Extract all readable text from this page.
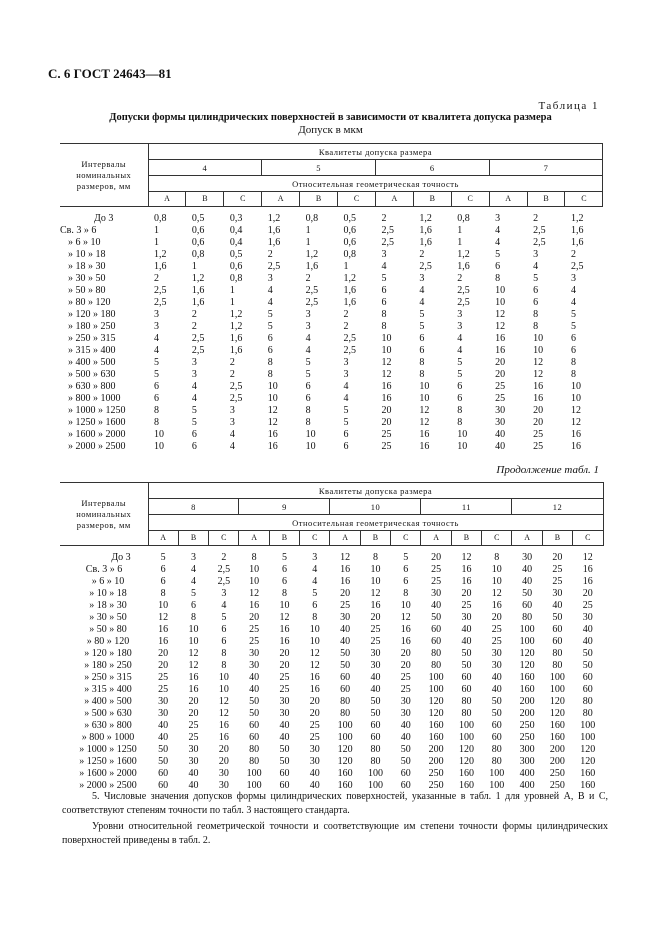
С. 6 ГОСТ 24643—81
Таблица 1
Допуски формы цилиндрических поверхностей в зависимости от квалитета допуска размера
Допуск в мкм
Интервалы
номинальных
размеров, мм	Квалитеты допуска размера											
	4			5			6			7		
	Относительная геометрическая точность											
	А	В	С	А	В	С	А	В	С	А	В	С

До 3	0,8	0,5	0,3	1,2	0,8	0,5	2	1,2	0,8	3	2	1,2
Св. 3 » 6	1	0,6	0,4	1,6	1	0,6	2,5	1,6	1	4	2,5	1,6
» 6 » 10	1	0,6	0,4	1,6	1	0,6	2,5	1,6	1	4	2,5	1,6
» 10 » 18	1,2	0,8	0,5	2	1,2	0,8	3	2	1,2	5	3	2
» 18 » 30	1,6	1	0,6	2,5	1,6	1	4	2,5	1,6	6	4	2,5
» 30 » 50	2	1,2	0,8	3	2	1,2	5	3	2	8	5	3
» 50 » 80	2,5	1,6	1	4	2,5	1,6	6	4	2,5	10	6	4
» 80 » 120	2,5	1,6	1	4	2,5	1,6	6	4	2,5	10	6	4
» 120 » 180	3	2	1,2	5	3	2	8	5	3	12	8	5
» 180 » 250	3	2	1,2	5	3	2	8	5	3	12	8	5
» 250 » 315	4	2,5	1,6	6	4	2,5	10	6	4	16	10	6
» 315 » 400	4	2,5	1,6	6	4	2,5	10	6	4	16	10	6
» 400 » 500	5	3	2	8	5	3	12	8	5	20	12	8
» 500 » 630	5	3	2	8	5	3	12	8	5	20	12	8
» 630 » 800	6	4	2,5	10	6	4	16	10	6	25	16	10
» 800 » 1000	6	4	2,5	10	6	4	16	10	6	25	16	10
» 1000 » 1250	8	5	3	12	8	5	20	12	8	30	20	12
» 1250 » 1600	8	5	3	12	8	5	20	12	8	30	20	12
» 1600 » 2000	10	6	4	16	10	6	25	16	10	40	25	16
» 2000 » 2500	10	6	4	16	10	6	25	16	10	40	25	16
Продолжение табл. 1
Интервалы
номинальных
размеров, мм	Квалитеты допуска размера														
	8			9			10			11			12		
	Относительная геометрическая точность														
	А	В	С	А	В	С	А	В	С	А	В	С	А	В	С

До 3	5	3	2	8	5	3	12	8	5	20	12	8	30	20	12
Св. 3 » 6	6	4	2,5	10	6	4	16	10	6	25	16	10	40	25	16
» 6 » 10	6	4	2,5	10	6	4	16	10	6	25	16	10	40	25	16
» 10 » 18	8	5	3	12	8	5	20	12	8	30	20	12	50	30	20
» 18 » 30	10	6	4	16	10	6	25	16	10	40	25	16	60	40	25
» 30 » 50	12	8	5	20	12	8	30	20	12	50	30	20	80	50	30
» 50 » 80	16	10	6	25	16	10	40	25	16	60	40	25	100	60	40
» 80 » 120	16	10	6	25	16	10	40	25	16	60	40	25	100	60	40
» 120 » 180	20	12	8	30	20	12	50	30	20	80	50	30	120	80	50
» 180 » 250	20	12	8	30	20	12	50	30	20	80	50	30	120	80	50
» 250 » 315	25	16	10	40	25	16	60	40	25	100	60	40	160	100	60
» 315 » 400	25	16	10	40	25	16	60	40	25	100	60	40	160	100	60
» 400 » 500	30	20	12	50	30	20	80	50	30	120	80	50	200	120	80
» 500 » 630	30	20	12	50	30	20	80	50	30	120	80	50	200	120	80
» 630 » 800	40	25	16	60	40	25	100	60	40	160	100	60	250	160	100
» 800 » 1000	40	25	16	60	40	25	100	60	40	160	100	60	250	160	100
» 1000 » 1250	50	30	20	80	50	30	120	80	50	200	120	80	300	200	120
» 1250 » 1600	50	30	20	80	50	30	120	80	50	200	120	80	300	200	120
» 1600 » 2000	60	40	30	100	60	40	160	100	60	250	160	100	400	250	160
» 2000 » 2500	60	40	30	100	60	40	160	100	60	250	160	100	400	250	160

5. Числовые значения допусков формы цилиндрических поверхностей, указанные в табл. 1 для уровней А, В и С, соответствуют степеням точности по табл. 3 настоящего стандарта.

Уровни относительной геометрической точности и соответствующие им степени точности формы цилиндрических поверхностей приведены в табл. 2.
